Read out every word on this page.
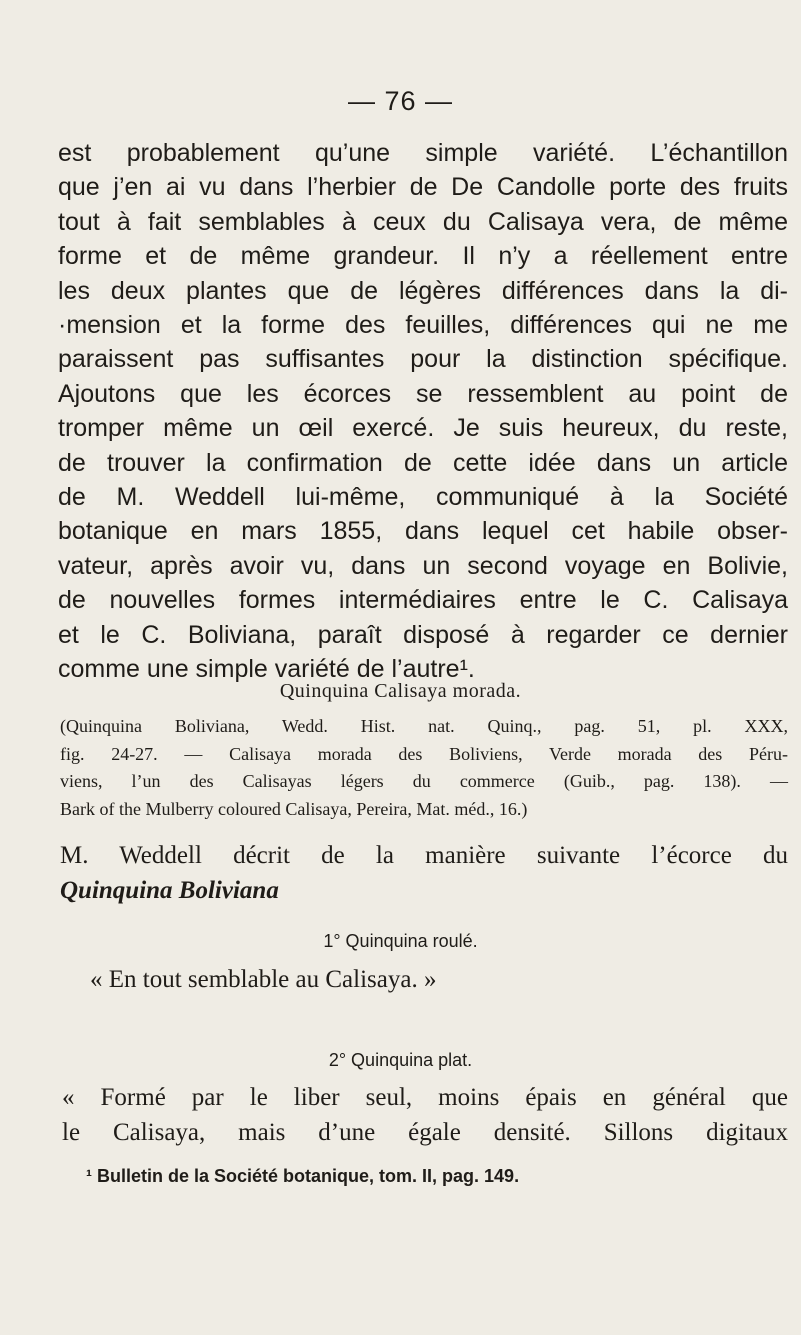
— 76 —
est probablement qu’une simple variété. L’échantillon
que j’en ai vu dans l’herbier de De Candolle porte des fruits
tout à fait semblables à ceux du Calisaya vera, de même
forme et de même grandeur. Il n’y a réellement entre
les deux plantes que de légères différences dans la di-
·mension et la forme des feuilles, différences qui ne me
paraissent pas suffisantes pour la distinction spécifique.
Ajoutons que les écorces se ressemblent au point de
tromper même un œil exercé. Je suis heureux, du reste,
de trouver la confirmation de cette idée dans un article
de M. Weddell lui-même, communiqué à la Société
botanique en mars 1855, dans lequel cet habile obser-
vateur, après avoir vu, dans un second voyage en Bolivie,
de nouvelles formes intermédiaires entre le C. Calisaya
et le C. Boliviana, paraît disposé à regarder ce dernier
comme une simple variété de l’autre¹.
Quinquina Calisaya morada.
(Quinquina Boliviana, Wedd. Hist. nat. Quinq., pag. 51, pl. XXX,
fig. 24-27. — Calisaya morada des Boliviens, Verde morada des Péru-
viens, l’un des Calisayas légers du commerce (Guib., pag. 138). —
Bark of the Mulberry coloured Calisaya, Pereira, Mat. méd., 16.)
M. Weddell décrit de la manière suivante l’écorce du
Quinquina Boliviana
1° Quinquina roulé.
« En tout semblable au Calisaya. »
2° Quinquina plat.
« Formé par le liber seul, moins épais en général que
le Calisaya, mais d’une égale densité. Sillons digitaux
¹ Bulletin de la Société botanique, tom. II, pag. 149.
